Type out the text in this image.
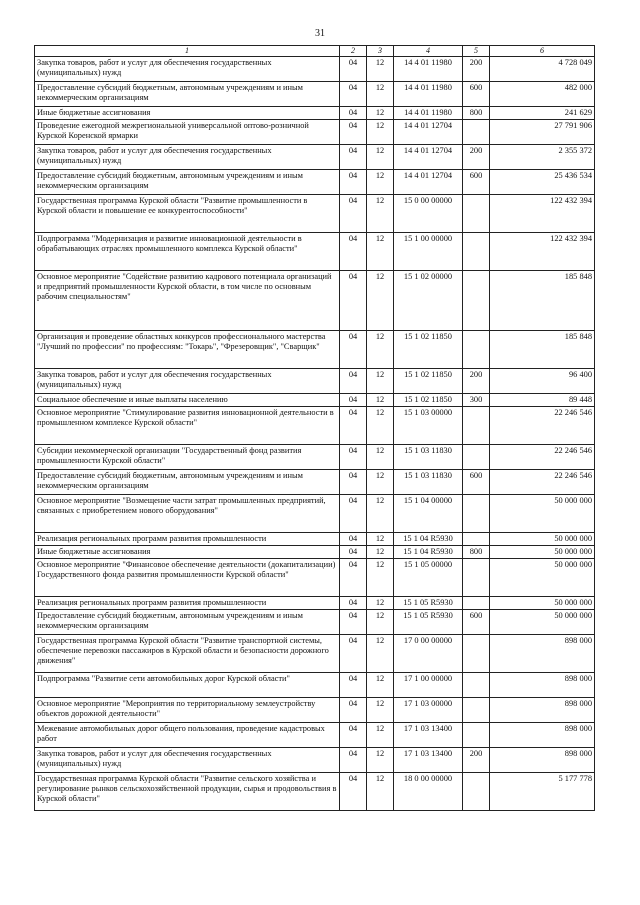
31
1	2	3	4	5	6
Закупка товаров, работ и услуг для обеспечения государственных (муниципальных) нужд	04	12	14 4 01 11980	200	4 728 049
Предоставление субсидий бюджетным, автономным учреждениям и иным некоммерческим организациям	04	12	14 4 01 11980	600	482 000
Иные бюджетные ассигнования	04	12	14 4 01 11980	800	241 629
Проведение ежегодной межрегиональной универсальной оптово-розничной Курской Коренской ярмарки	04	12	14 4 01 12704		27 791 906
Закупка товаров, работ и услуг для обеспечения государственных (муниципальных) нужд	04	12	14 4 01 12704	200	2 355 372
Предоставление субсидий бюджетным, автономным учреждениям и иным некоммерческим организациям	04	12	14 4 01 12704	600	25 436 534
Государственная программа Курской области "Развитие промышленности в Курской области и повышение ее конкурентоспособности"	04	12	15 0 00 00000		122 432 394
Подпрограмма "Модернизация и развитие инновационной деятельности в обрабатывающих отраслях промышленного комплекса Курской области"	04	12	15 1 00 00000		122 432 394
Основное мероприятие "Содействие развитию кадрового потенциала организаций и предприятий промышленности Курской области, в том числе по основным рабочим специальностям"	04	12	15 1 02 00000		185 848
Организация и проведение областных конкурсов профессионального мастерства "Лучший по профессии" по профессиям: "Токарь", "Фрезеровщик", "Сварщик"	04	12	15 1 02 11850		185 848
Закупка товаров, работ и услуг для обеспечения государственных (муниципальных) нужд	04	12	15 1 02 11850	200	96 400
Социальное обеспечение и иные выплаты населению	04	12	15 1 02 11850	300	89 448
Основное мероприятие "Стимулирование развития инновационной деятельности в промышленном комплексе Курской области"	04	12	15 1 03 00000		22 246 546
Субсидии некоммерческой организации "Государственный фонд развития промышленности Курской области"	04	12	15 1 03 11830		22 246 546
Предоставление субсидий бюджетным, автономным учреждениям и иным некоммерческим организациям	04	12	15 1 03 11830	600	22 246 546
Основное мероприятие "Возмещение части затрат промышленных предприятий, связанных с приобретением нового оборудования"	04	12	15 1 04 00000		50 000 000
Реализация региональных программ развития промышленности	04	12	15 1 04 R5930		50 000 000
Иные бюджетные ассигнования	04	12	15 1 04 R5930	800	50 000 000
Основное мероприятие "Финансовое обеспечение деятельности (докапитализации) Государственного фонда развития промышленности Курской области"	04	12	15 1 05 00000		50 000 000
Реализация региональных программ развития промышленности	04	12	15 1 05 R5930		50 000 000
Предоставление субсидий бюджетным, автономным учреждениям и иным некоммерческим организациям	04	12	15 1 05 R5930	600	50 000 000
Государственная программа Курской области "Развитие транспортной системы, обеспечение перевозки пассажиров в Курской области и безопасности дорожного движения"	04	12	17 0 00 00000		898 000
Подпрограмма "Развитие сети автомобильных дорог Курской области"	04	12	17 1 00 00000		898 000
Основное мероприятие "Мероприятия по территориальному землеустройству объектов дорожной деятельности"	04	12	17 1 03 00000		898 000
Межевание автомобильных дорог общего пользования, проведение кадастровых работ	04	12	17 1 03 13400		898 000
Закупка товаров, работ и услуг для обеспечения государственных (муниципальных) нужд	04	12	17 1 03 13400	200	898 000
Государственная программа Курской области "Развитие сельского хозяйства и регулирование рынков сельскохозяйственной продукции, сырья и продовольствия в Курской области"	04	12	18 0 00 00000		5 177 778
